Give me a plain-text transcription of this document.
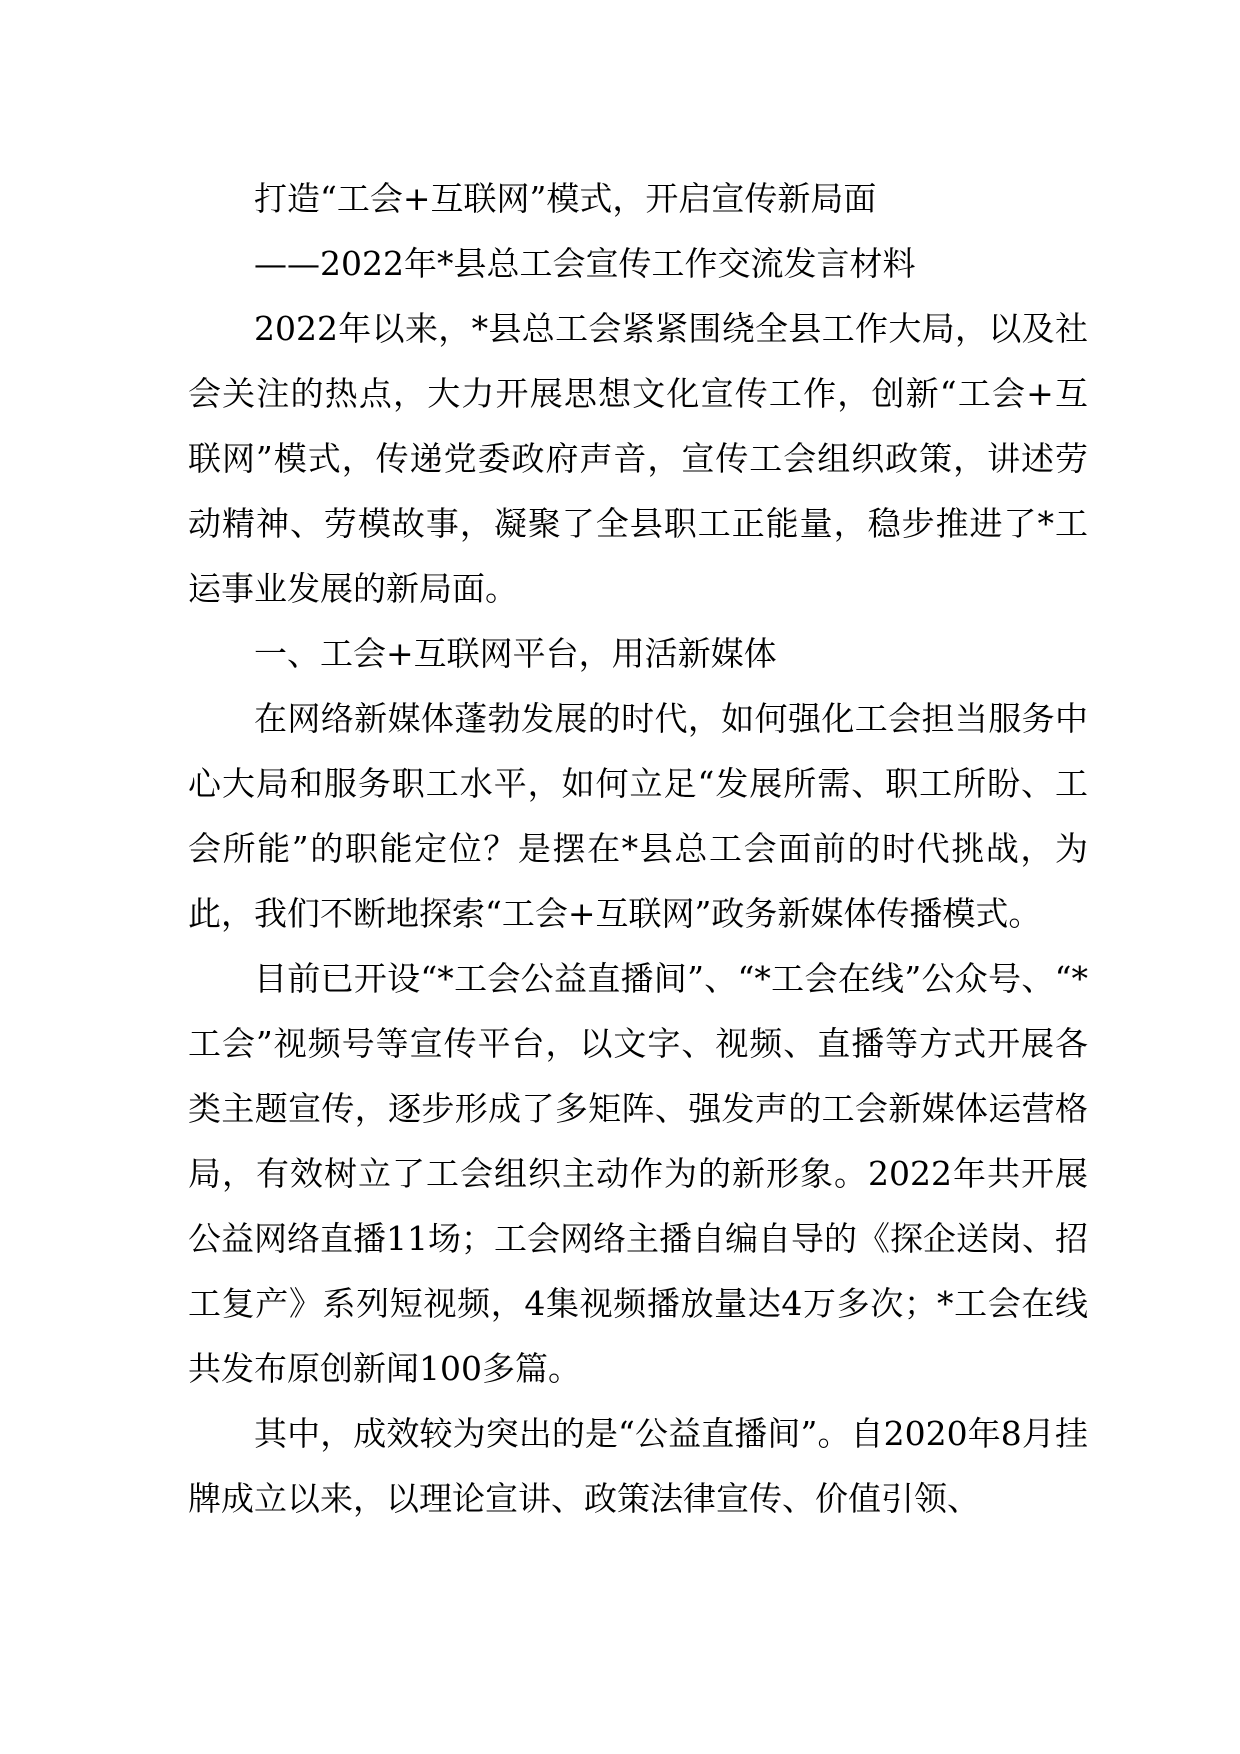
打造“工会+互联网”模式，开启宣传新局面

——2022年*县总工会宣传工作交流发言材料

2022年以来，*县总工会紧紧围绕全县工作大局，以及社会关注的热点，大力开展思想文化宣传工作，创新“工会+互联网”模式，传递党委政府声音，宣传工会组织政策，讲述劳动精神、劳模故事，凝聚了全县职工正能量，稳步推进了*工运事业发展的新局面。

一、工会+互联网平台，用活新媒体

在网络新媒体蓬勃发展的时代，如何强化工会担当服务中心大局和服务职工水平，如何立足“发展所需、职工所盼、工会所能”的职能定位？是摆在*县总工会面前的时代挑战，为此，我们不断地探索“工会+互联网”政务新媒体传播模式。

目前已开设“*工会公益直播间”、“*工会在线”公众号、“*工会”视频号等宣传平台，以文字、视频、直播等方式开展各类主题宣传，逐步形成了多矩阵、强发声的工会新媒体运营格局，有效树立了工会组织主动作为的新形象。2022年共开展公益网络直播11场；工会网络主播自编自导的《探企送岗、招工复产》系列短视频，4集视频播放量达4万多次；*工会在线共发布原创新闻100多篇。

其中，成效较为突出的是“公益直播间”。自2020年8月挂牌成立以来，以理论宣讲、政策法律宣传、价值引领、
